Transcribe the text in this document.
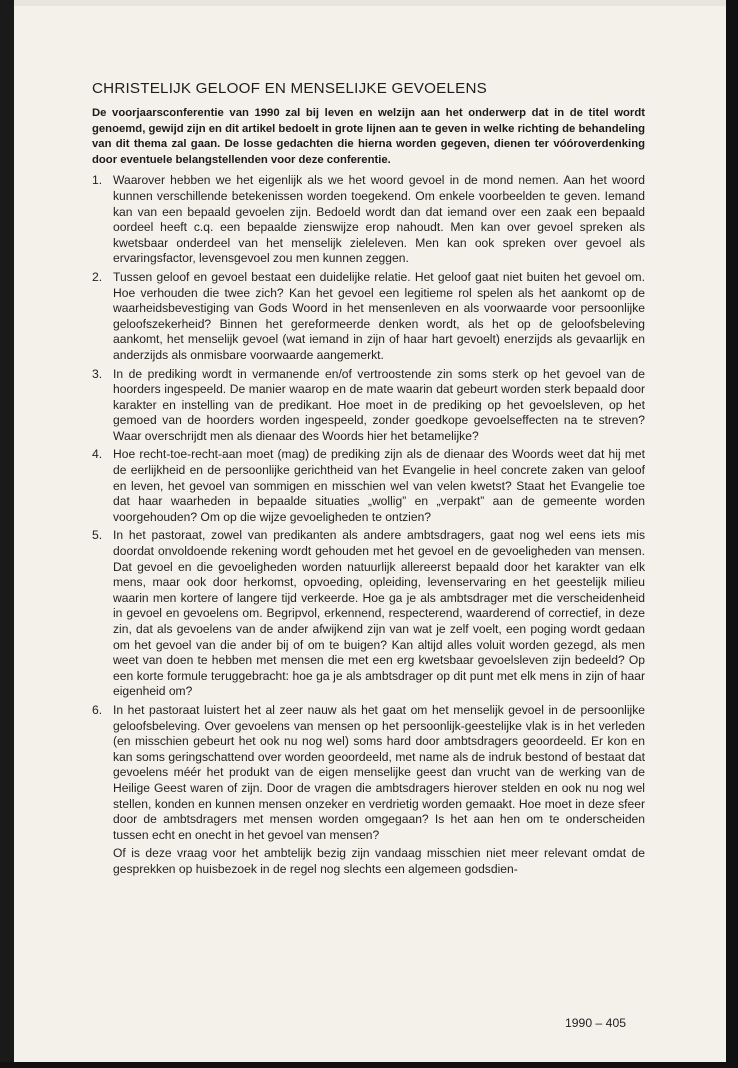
CHRISTELIJK GELOOF EN MENSELIJKE GEVOELENS

De voorjaarsconferentie van 1990 zal bij leven en welzijn aan het onderwerp dat in de titel wordt genoemd, gewijd zijn en dit artikel bedoelt in grote lijnen aan te geven in welke richting de behandeling van dit thema zal gaan. De losse gedachten die hierna worden gegeven, dienen ter vóóroverdenking door eventuele belangstellenden voor deze conferentie.

1. Waarover hebben we het eigenlijk als we het woord gevoel in de mond nemen. Aan het woord kunnen verschillende betekenissen worden toegekend. Om enkele voorbeelden te geven. Iemand kan van een bepaald gevoelen zijn. Bedoeld wordt dan dat iemand over een zaak een bepaald oordeel heeft c.q. een bepaalde zienswijze erop nahoudt. Men kan over gevoel spreken als kwetsbaar onderdeel van het menselijk zieleleven. Men kan ook spreken over gevoel als ervaringsfactor, levensgevoel zou men kunnen zeggen.
2. Tussen geloof en gevoel bestaat een duidelijke relatie. Het geloof gaat niet buiten het gevoel om. Hoe verhouden die twee zich? Kan het gevoel een legitieme rol spelen als het aankomt op de waarheidsbevestiging van Gods Woord in het mensenleven en als voorwaarde voor persoonlijke geloofszekerheid? Binnen het gereformeerde denken wordt, als het op de geloofsbeleving aankomt, het menselijk gevoel (wat iemand in zijn of haar hart gevoelt) enerzijds als gevaarlijk en anderzijds als onmisbare voorwaarde aangemerkt.
3. In de prediking wordt in vermanende en/of vertroostende zin soms sterk op het gevoel van de hoorders ingespeeld. De manier waarop en de mate waarin dat gebeurt worden sterk bepaald door karakter en instelling van de predikant. Hoe moet in de prediking op het gevoelsleven, op het gemoed van de hoorders worden ingespeeld, zonder goedkope gevoelseffecten na te streven? Waar overschrijdt men als dienaar des Woords hier het betamelijke?
4. Hoe recht-toe-recht-aan moet (mag) de prediking zijn als de dienaar des Woords weet dat hij met de eerlijkheid en de persoonlijke gerichtheid van het Evangelie in heel concrete zaken van geloof en leven, het gevoel van sommigen en misschien wel van velen kwetst? Staat het Evangelie toe dat haar waarheden in bepaalde situaties „wollig” en „verpakt” aan de gemeente worden voorgehouden? Om op die wijze gevoeligheden te ontzien?
5. In het pastoraat, zowel van predikanten als andere ambtsdragers, gaat nog wel eens iets mis doordat onvoldoende rekening wordt gehouden met het gevoel en de gevoeligheden van mensen. Dat gevoel en die gevoeligheden worden natuurlijk allereerst bepaald door het karakter van elk mens, maar ook door herkomst, opvoeding, opleiding, levenservaring en het geestelijk milieu waarin men kortere of langere tijd verkeerde. Hoe ga je als ambtsdrager met die verscheidenheid in gevoel en gevoelens om. Begripvol, erkennend, respecterend, waarderend of correctief, in deze zin, dat als gevoelens van de ander afwijkend zijn van wat je zelf voelt, een poging wordt gedaan om het gevoel van die ander bij of om te buigen? Kan altijd alles voluit worden gezegd, als men weet van doen te hebben met mensen die met een erg kwetsbaar gevoelsleven zijn bedeeld? Op een korte formule teruggebracht: hoe ga je als ambtsdrager op dit punt met elk mens in zijn of haar eigenheid om?
6. In het pastoraat luistert het al zeer nauw als het gaat om het menselijk gevoel in de persoonlijke geloofsbeleving. Over gevoelens van mensen op het persoonlijk-geestelijke vlak is in het verleden (en misschien gebeurt het ook nu nog wel) soms hard door ambtsdragers geoordeeld. Er kon en kan soms geringschattend over worden geoordeeld, met name als de indruk bestond of bestaat dat gevoelens méér het produkt van de eigen menselijke geest dan vrucht van de werking van de Heilige Geest waren of zijn. Door de vragen die ambtsdragers hierover stelden en ook nu nog wel stellen, konden en kunnen mensen onzeker en verdrietig worden gemaakt. Hoe moet in deze sfeer door de ambtsdragers met mensen worden omgegaan? Is het aan hen om te onderscheiden tussen echt en onecht in het gevoel van mensen?

Of is deze vraag voor het ambtelijk bezig zijn vandaag misschien niet meer relevant omdat de gesprekken op huisbezoek in de regel nog slechts een algemeen godsdien-

1990 – 405
